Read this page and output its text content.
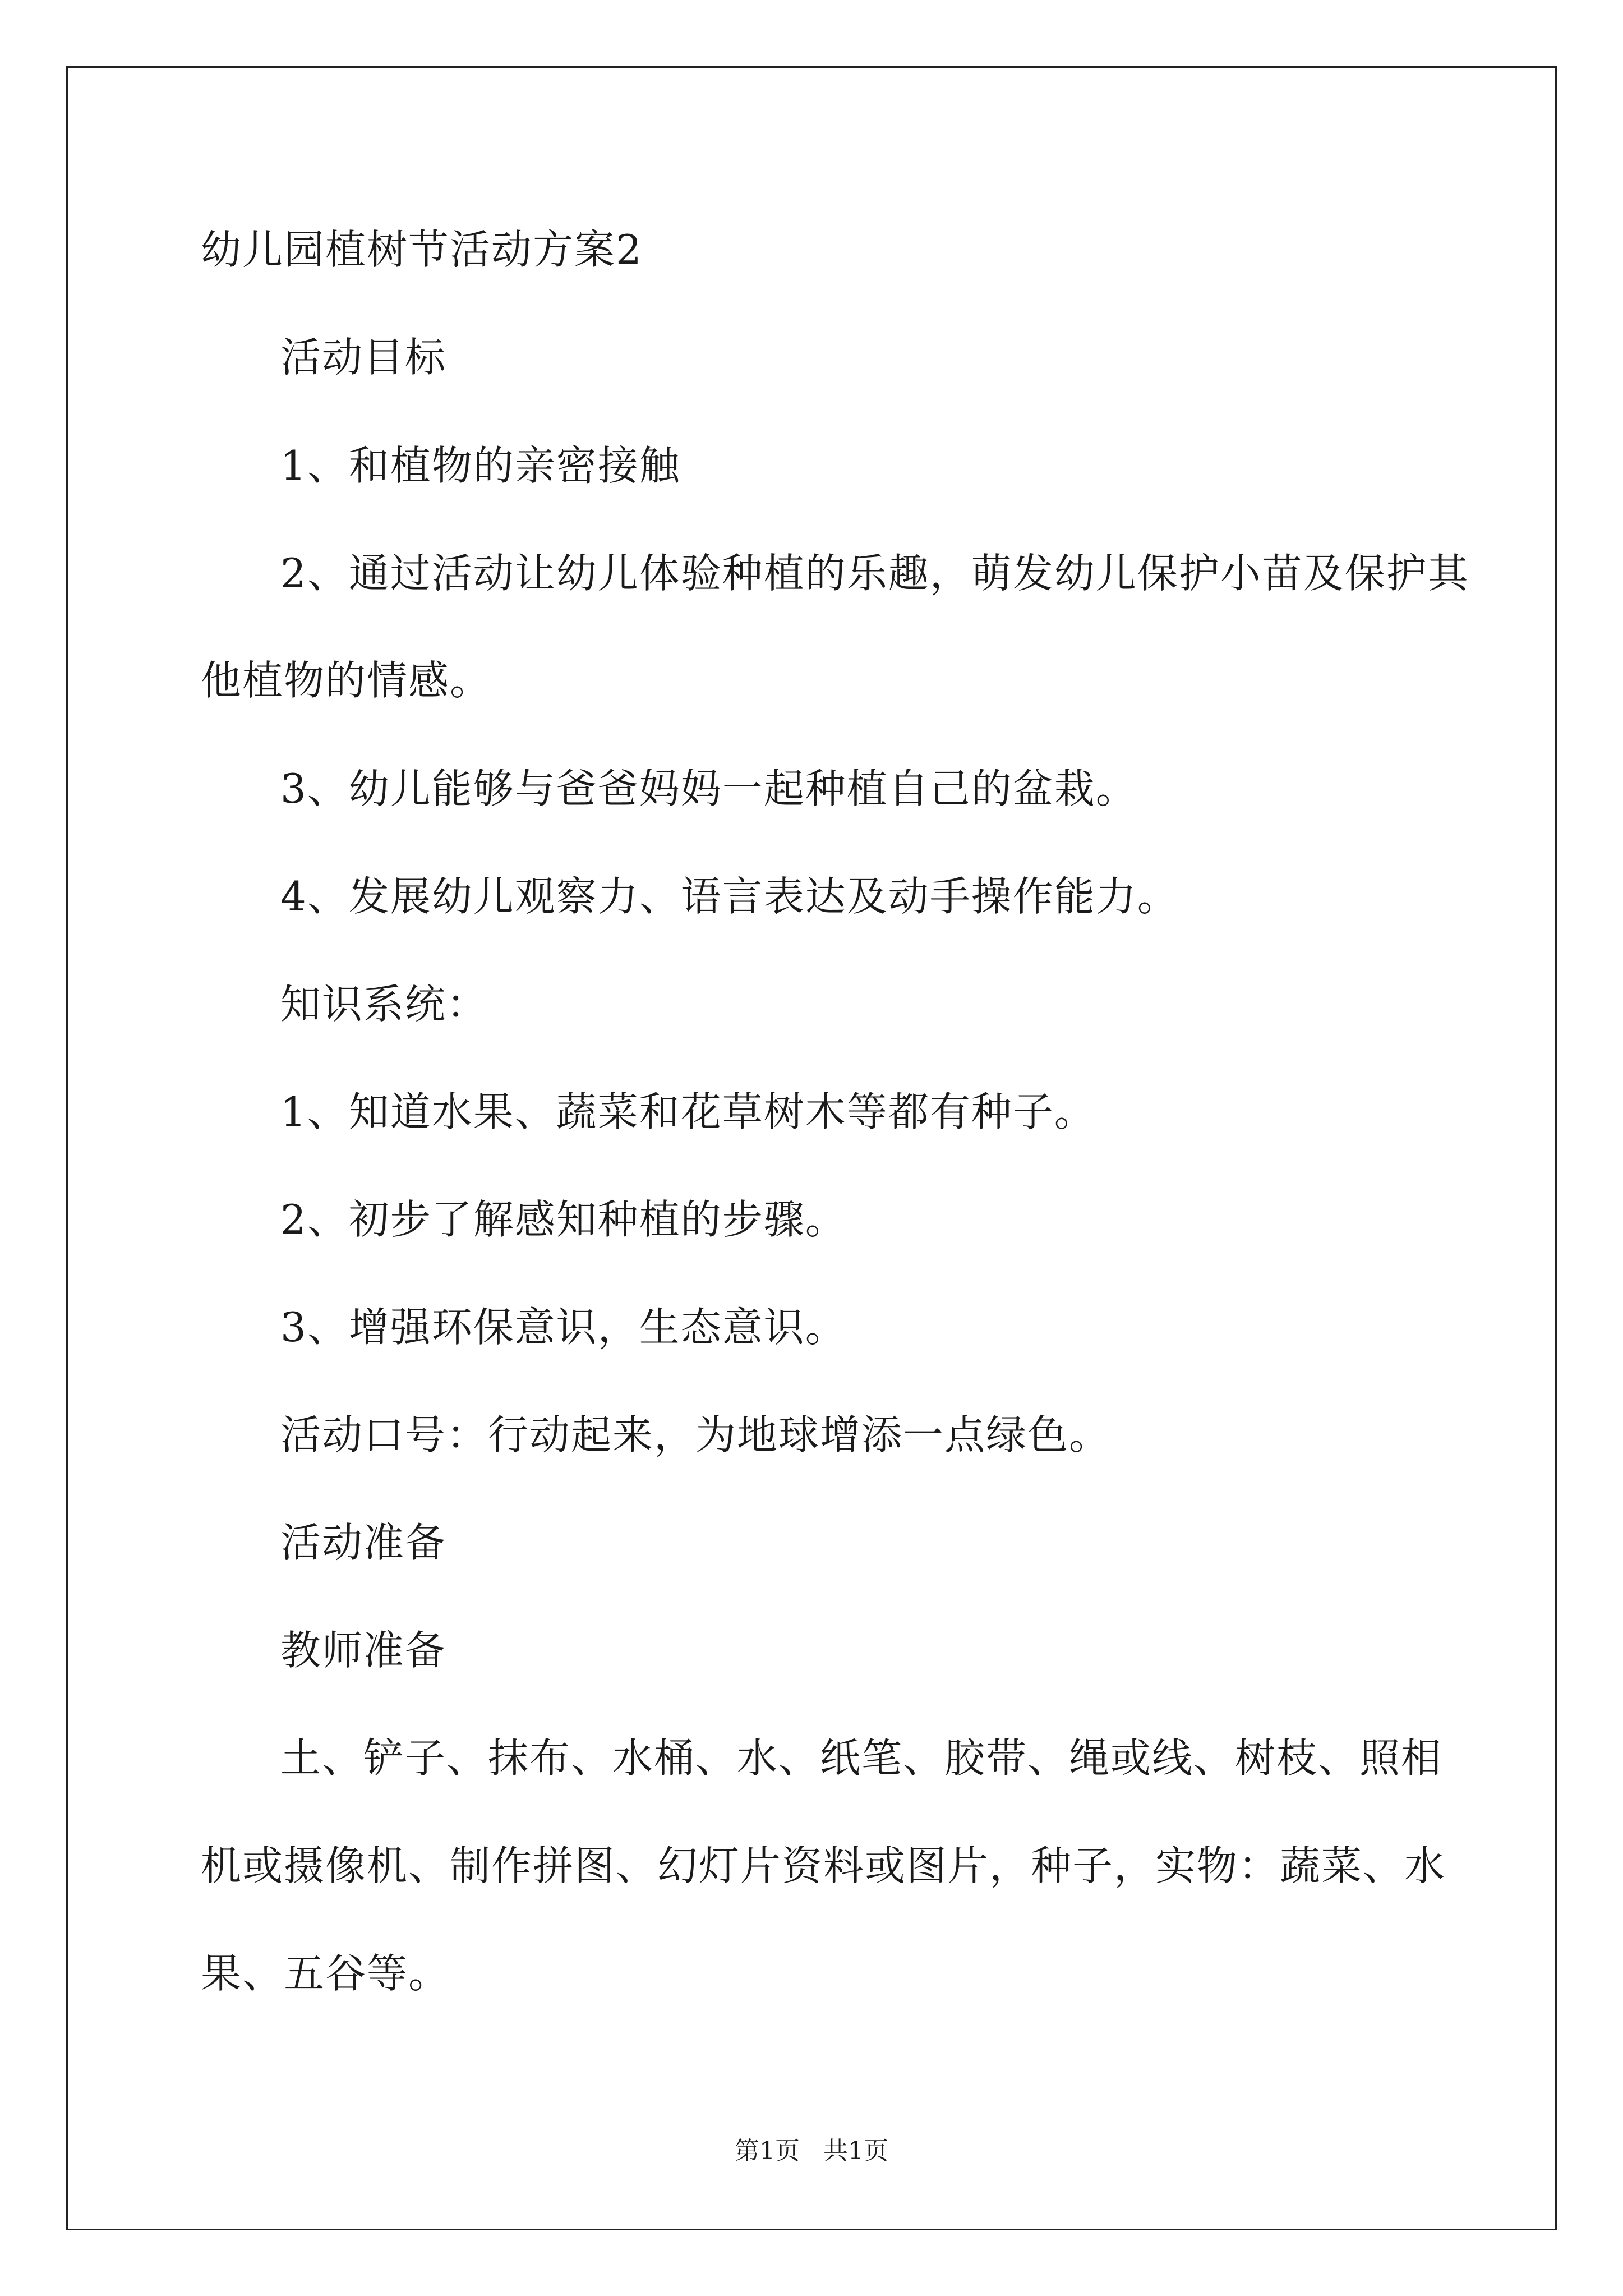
幼儿园植树节活动方案2
活动目标
1、和植物的亲密接触
2、通过活动让幼儿体验种植的乐趣，萌发幼儿保护小苗及保护其
他植物的情感。
3、幼儿能够与爸爸妈妈一起种植自己的盆栽。
4、发展幼儿观察力、语言表达及动手操作能力。
知识系统：
1、知道水果、蔬菜和花草树木等都有种子。
2、初步了解感知种植的步骤。
3、增强环保意识，生态意识。
活动口号：行动起来，为地球增添一点绿色。
活动准备
教师准备
土、铲子、抹布、水桶、水、纸笔、胶带、绳或线、树枝、照相
机或摄像机、制作拼图、幻灯片资料或图片，种子，实物：蔬菜、水
果、五谷等。
第1页   共1页
